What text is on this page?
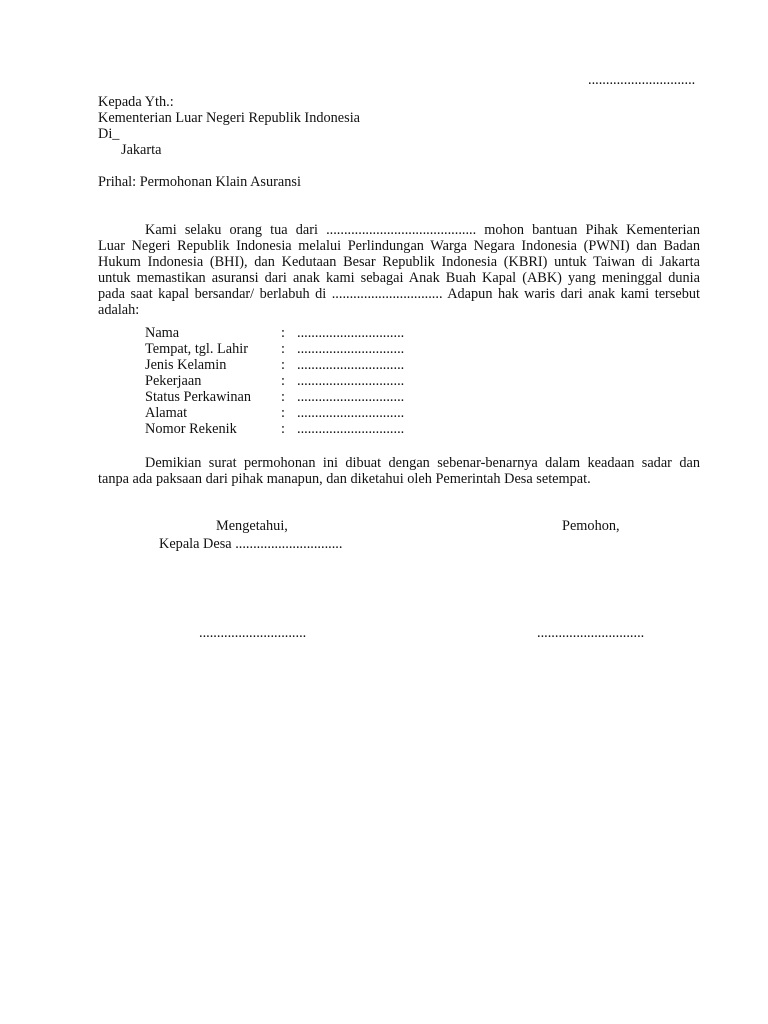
..............................
Kepada Yth.:
Kementerian Luar Negeri Republik Indonesia
Di_
Jakarta
Prihal: Permohonan Klain Asuransi
Kami selaku orang tua dari .......................................... mohon bantuan Pihak Kementerian
Luar Negeri Republik Indonesia melalui Perlindungan Warga Negara Indonesia (PWNI) dan Badan
Hukum Indonesia (BHI), dan Kedutaan Besar Republik Indonesia (KBRI) untuk Taiwan di Jakarta
untuk memastikan asuransi dari anak kami sebagai Anak Buah Kapal (ABK) yang meninggal dunia
pada saat kapal bersandar/ berlabuh di ............................... Adapun hak waris dari anak kami tersebut
adalah:
Nama	: ..............................
Tempat, tgl. Lahir : ..............................
Jenis Kelamin	: ..............................
Pekerjaan	: ..............................
Status Perkawinan : ..............................
Alamat	: ..............................
Nomor Rekenik	: ..............................
Demikian surat permohonan ini dibuat dengan sebenar-benarnya dalam keadaan sadar dan
tanpa ada paksaan dari pihak manapun, dan diketahui oleh Pemerintah Desa setempat.
Mengetahui,
Kepala Desa ..............................
..............................
Pemohon,
..............................
